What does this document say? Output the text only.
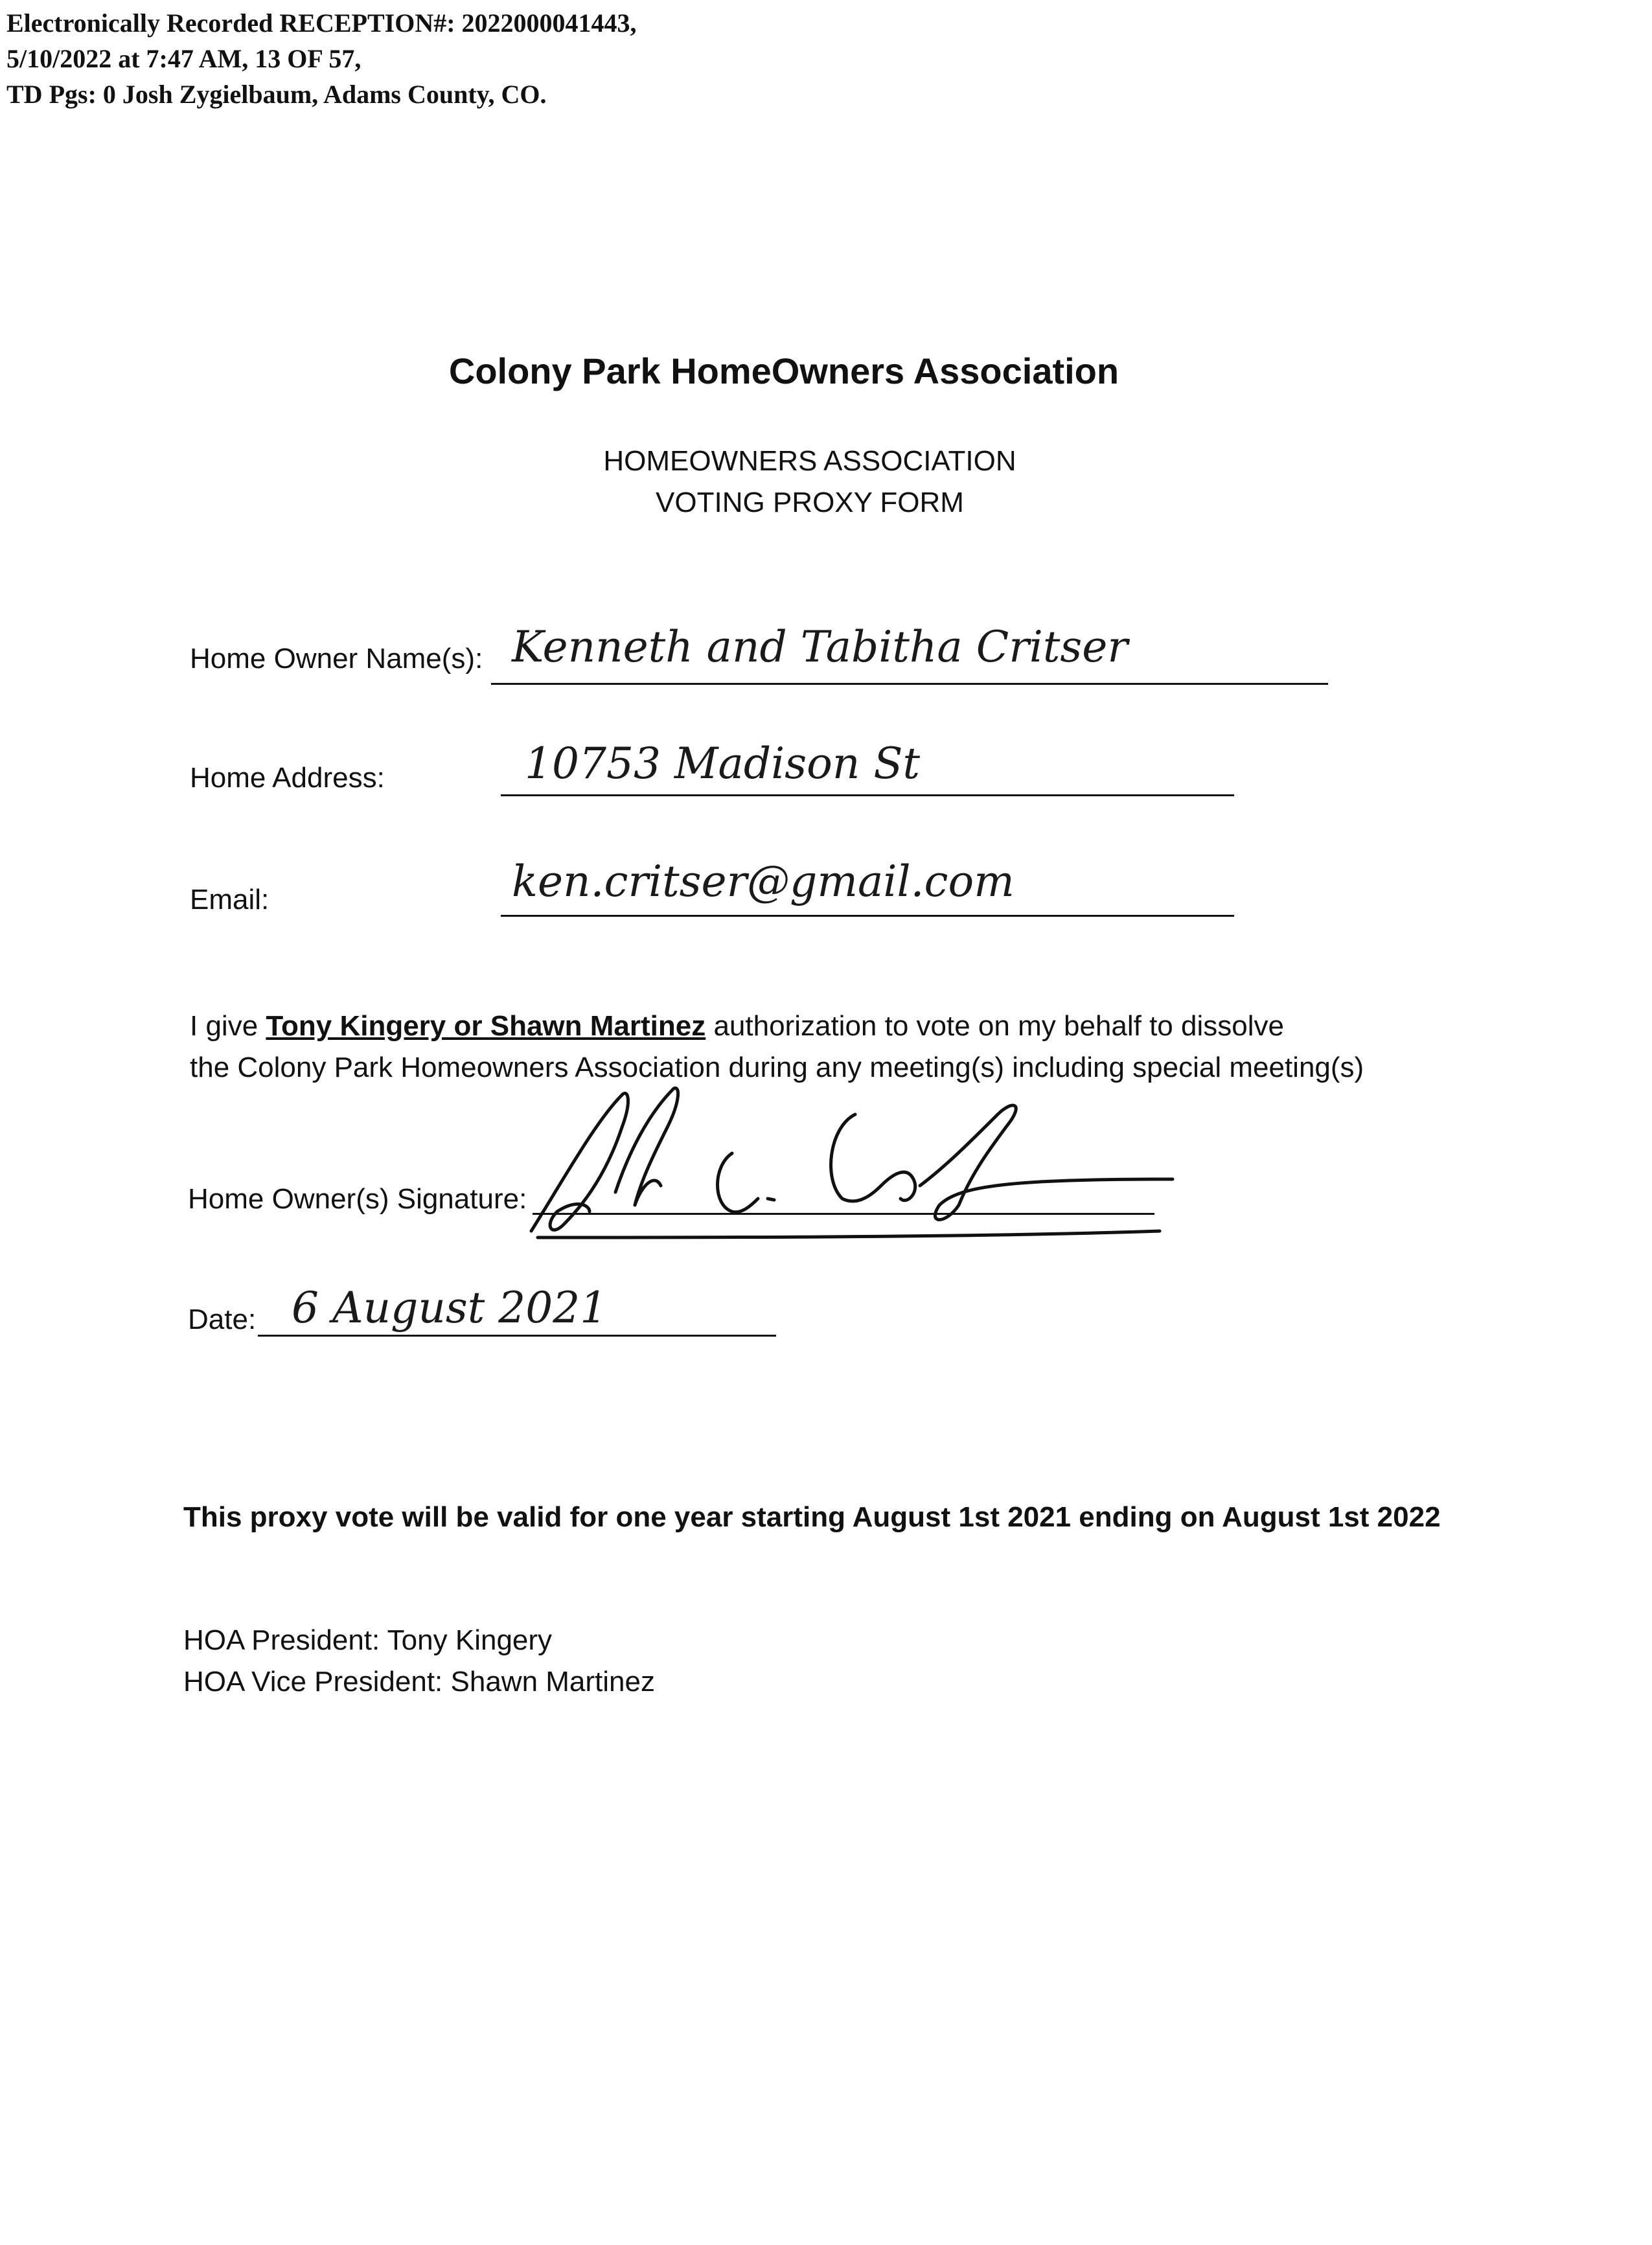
Electronically Recorded RECEPTION#: 2022000041443,
5/10/2022 at 7:47 AM, 13 OF 57,
TD Pgs: 0 Josh Zygielbaum, Adams County, CO.
Colony Park HomeOwners Association
HOMEOWNERS ASSOCIATION
VOTING PROXY FORM
Home Owner Name(s): Kenneth and Tabitha Critser
Home Address:	10753 Madison St
Email:	ken.critser@gmail.com
I give Tony Kingery or Shawn Martinez authorization to vote on my behalf to dissolve
the Colony Park Homeowners Association during any meeting(s) including special meeting(s)
Home Owner(s) Signature:
Date: 6 August 2021
This proxy vote will be valid for one year starting August 1st 2021 ending on August 1st 2022
HOA President: Tony Kingery
HOA Vice President: Shawn Martinez
